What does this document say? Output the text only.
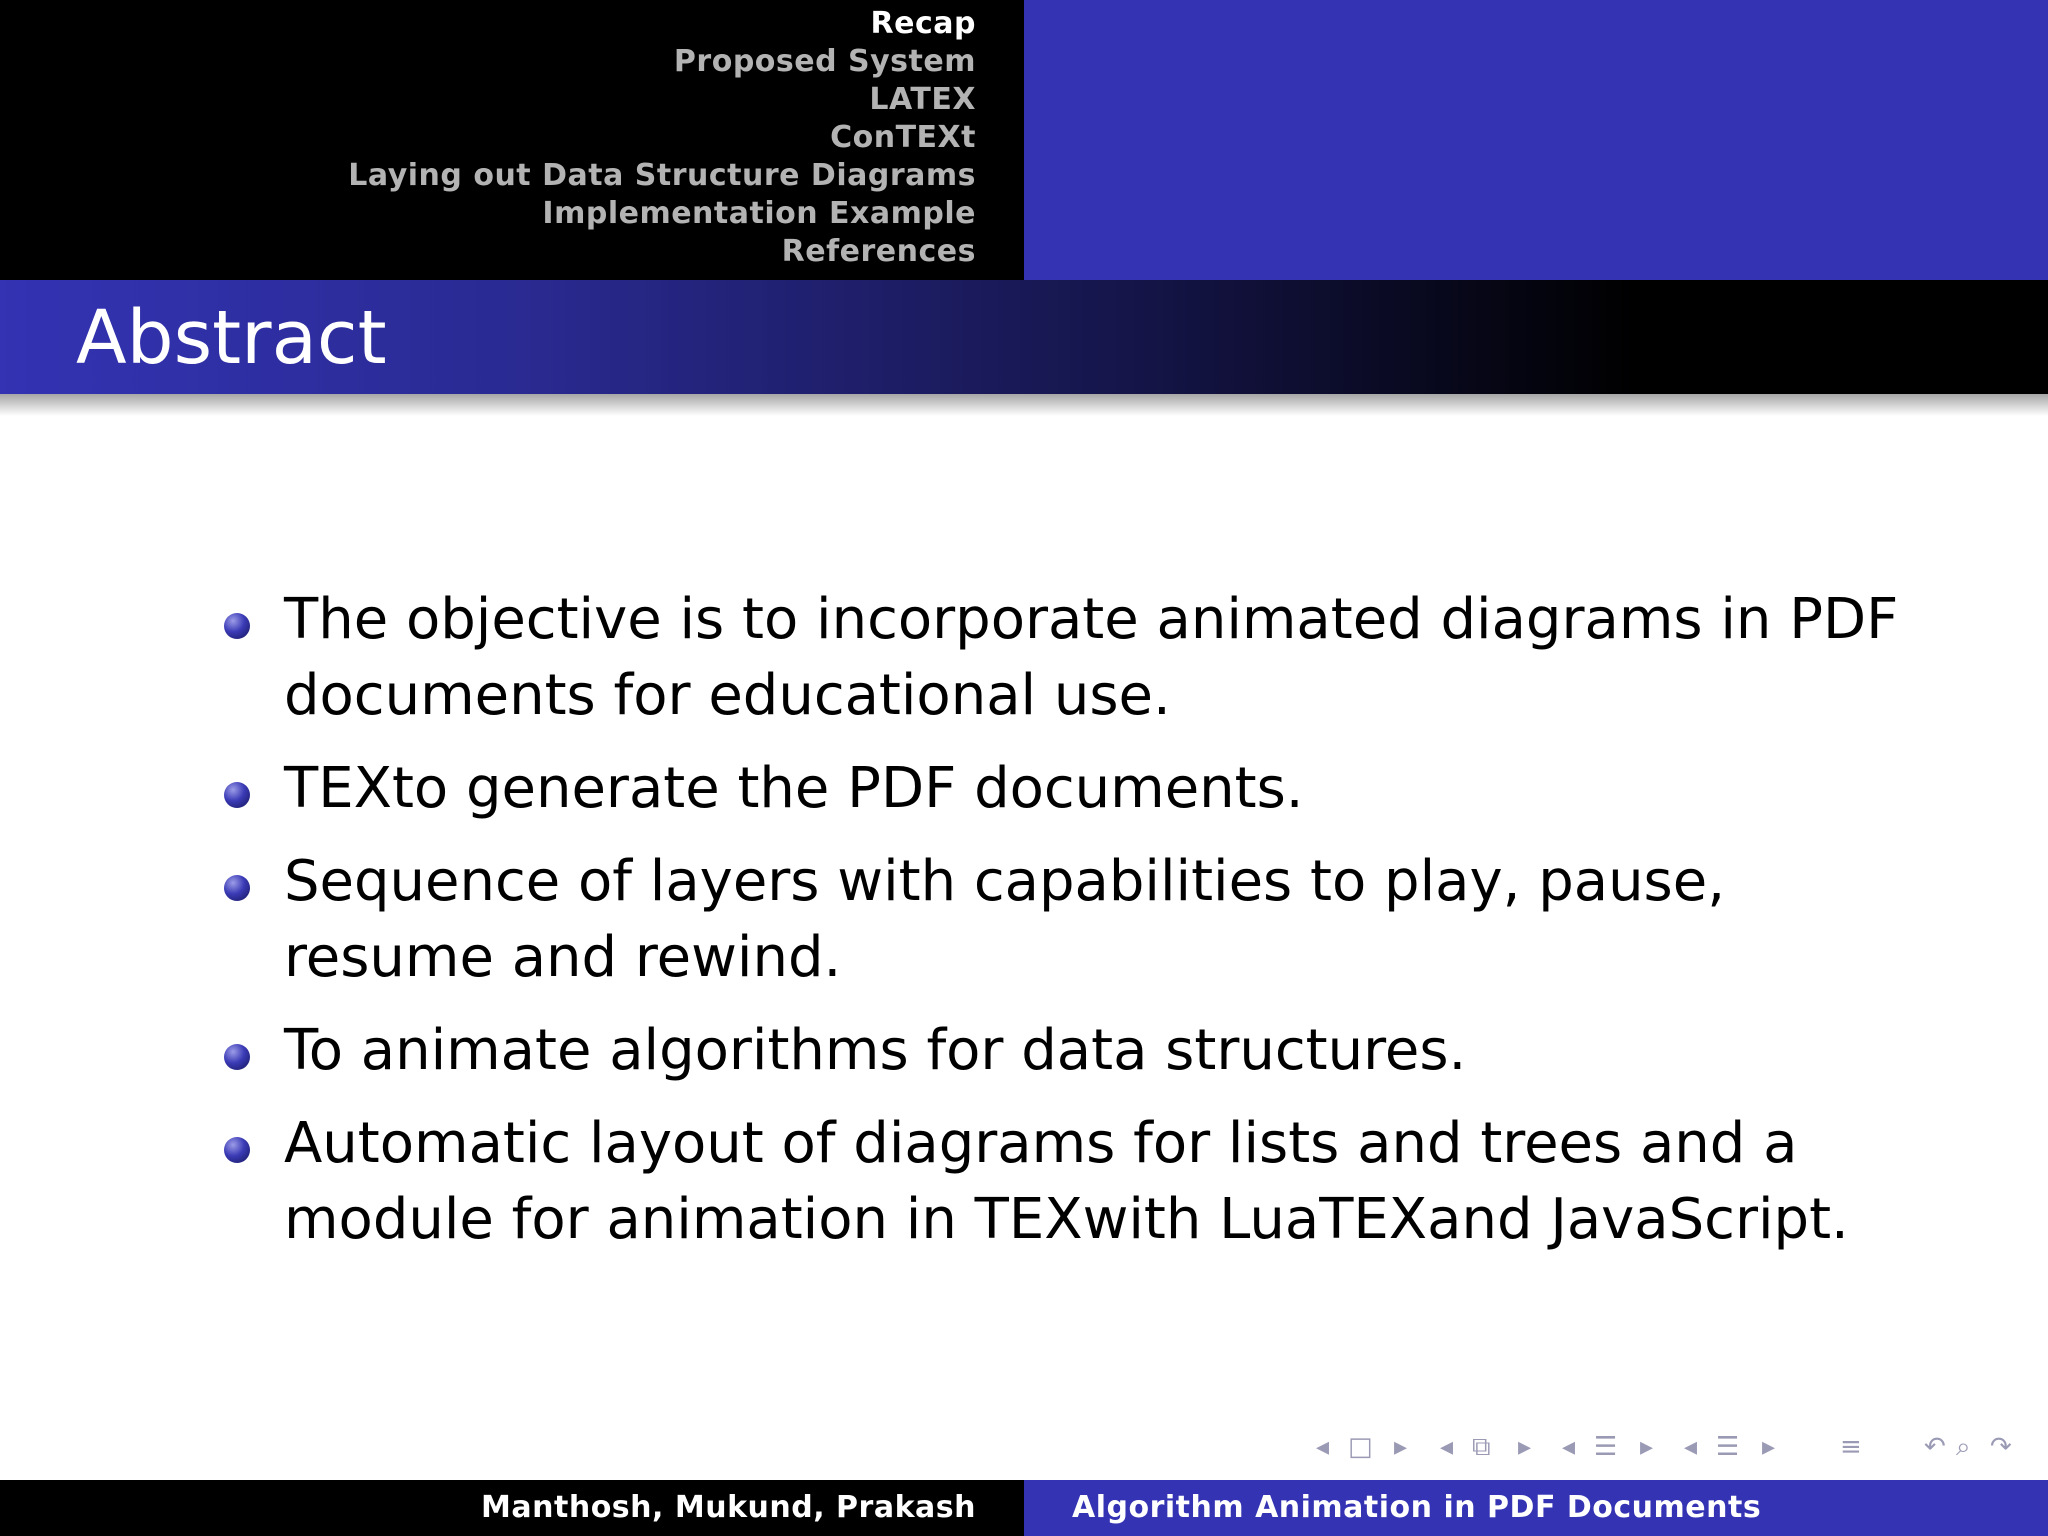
Recap
Proposed System
LATEX
ConTEXt
Laying out Data Structure Diagrams
Implementation Example
References
Abstract
The objective is to incorporate animated diagrams in PDF documents for educational use.
TEXto generate the PDF documents.
Sequence of layers with capabilities to play, pause, resume and rewind.
To animate algorithms for data structures.
Automatic layout of diagrams for lists and trees and a module for animation in TEXwith LuaTEXand JavaScript.
◂ □ ▸ ◂ ⧉ ▸ ◂ ☰ ▸ ◂ ☰ ▸ ≡ ↶ ⌕ ↷
Manthosh, Mukund, Prakash	Algorithm Animation in PDF Documents
